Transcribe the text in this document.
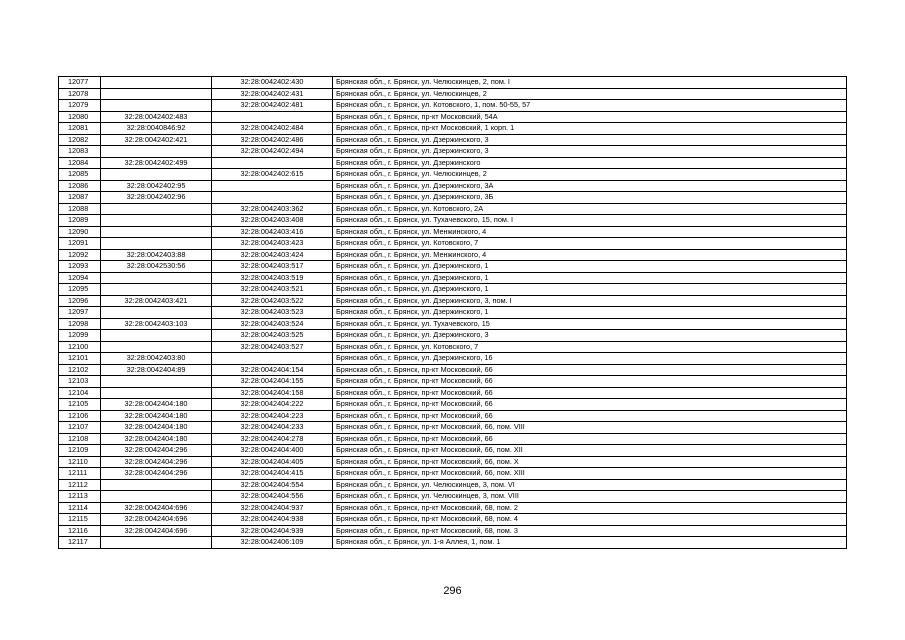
12077		32:28:0042402:430	Брянская обл., г. Брянск, ул. Челюскинцев, 2, пом. I
12078		32:28:0042402:431	Брянская обл., г. Брянск, ул. Челюскинцев, 2
12079		32:28:0042402:481	Брянская обл., г. Брянск, ул. Котовского, 1, пом. 50-55, 57
12080	32:28:0042402:483		Брянская обл., г. Брянск, пр-кт Московский, 54А
12081	32:28:0040846:92	32:28:0042402:484	Брянская обл., г. Брянск, пр-кт Московский, 1 корп. 1
12082	32:28:0042402:421	32:28:0042402:486	Брянская обл., г. Брянск, ул. Дзержинского, 3
12083		32:28:0042402:494	Брянская обл., г. Брянск, ул. Дзержинского, 3
12084	32:28:0042402:499		Брянская обл., г. Брянск, ул. Дзержинского
12085		32:28:0042402:615	Брянская обл., г. Брянск, ул. Челюскинцев, 2
12086	32:28:0042402:95		Брянская обл., г. Брянск, ул. Дзержинского, 3А
12087	32:28:0042402:96		Брянская обл., г. Брянск, ул. Дзержинского, 3Б
12088		32:28:0042403:362	Брянская обл., г. Брянск, ул. Котовского, 2А
12089		32:28:0042403:408	Брянская обл., г. Брянск, ул. Тухачевского, 15, пом. I
12090		32:28:0042403:416	Брянская обл., г. Брянск, ул. Менжинского, 4
12091		32:28:0042403:423	Брянская обл., г. Брянск, ул. Котовского, 7
12092	32:28:0042403:88	32:28:0042403:424	Брянская обл., г. Брянск, ул. Менжинского, 4
12093	32:28:0042530:56	32:28:0042403:517	Брянская обл., г. Брянск, ул. Дзержинского, 1
12094		32:28:0042403:519	Брянская обл., г. Брянск, ул. Дзержинского, 1
12095		32:28:0042403:521	Брянская обл., г. Брянск, ул. Дзержинского, 1
12096	32:28:0042403:421	32:28:0042403:522	Брянская обл., г. Брянск, ул. Дзержинского, 3, пом. I
12097		32:28:0042403:523	Брянская обл., г. Брянск, ул. Дзержинского, 1
12098	32:28:0042403:103	32:28:0042403:524	Брянская обл., г. Брянск, ул. Тухачевского, 15
12099		32:28:0042403:525	Брянская обл., г. Брянск, ул. Дзержинского, 3
12100		32:28:0042403:527	Брянская обл., г. Брянск, ул. Котовского, 7
12101	32:28:0042403:80		Брянская обл., г. Брянск, ул. Дзержинского, 16
12102	32:28:0042404:89	32:28:0042404:154	Брянская обл., г. Брянск, пр-кт Московский, 66
12103		32:28:0042404:155	Брянская обл., г. Брянск, пр-кт Московский, 66
12104		32:28:0042404:158	Брянская обл., г. Брянск, пр-кт Московский, 66
12105	32:28:0042404:180	32:28:0042404:222	Брянская обл., г. Брянск, пр-кт Московский, 66
12106	32:28:0042404:180	32:28:0042404:223	Брянская обл., г. Брянск, пр-кт Московский, 66
12107	32:28:0042404:180	32:28:0042404:233	Брянская обл., г. Брянск, пр-кт Московский, 66, пом. VIII
12108	32:28:0042404:180	32:28:0042404:278	Брянская обл., г. Брянск, пр-кт Московский, 66
12109	32:28:0042404:296	32:28:0042404:400	Брянская обл., г. Брянск, пр-кт Московский, 66, пом. XII
12110	32:28:0042404:296	32:28:0042404:405	Брянская обл., г. Брянск, пр-кт Московский, 66, пом. X
12111	32:28:0042404:296	32:28:0042404:415	Брянская обл., г. Брянск, пр-кт Московский, 66, пом. XIII
12112		32:28:0042404:554	Брянская обл., г. Брянск, ул. Челюскинцев, 3, пом. VI
12113		32:28:0042404:556	Брянская обл., г. Брянск, ул. Челюскинцев, 3, пом. VIII
12114	32:28:0042404:696	32:28:0042404:937	Брянская обл., г. Брянск, пр-кт Московский, 68, пом. 2
12115	32:28:0042404:696	32:28:0042404:938	Брянская обл., г. Брянск, пр-кт Московский, 68, пом. 4
12116	32:28:0042404:696	32:28:0042404:939	Брянская обл., г. Брянск, пр-кт Московский, 68, пом. 3
12117		32:28:0042406:109	Брянская обл., г. Брянск, ул. 1-я Аллея, 1, пом. 1
296
